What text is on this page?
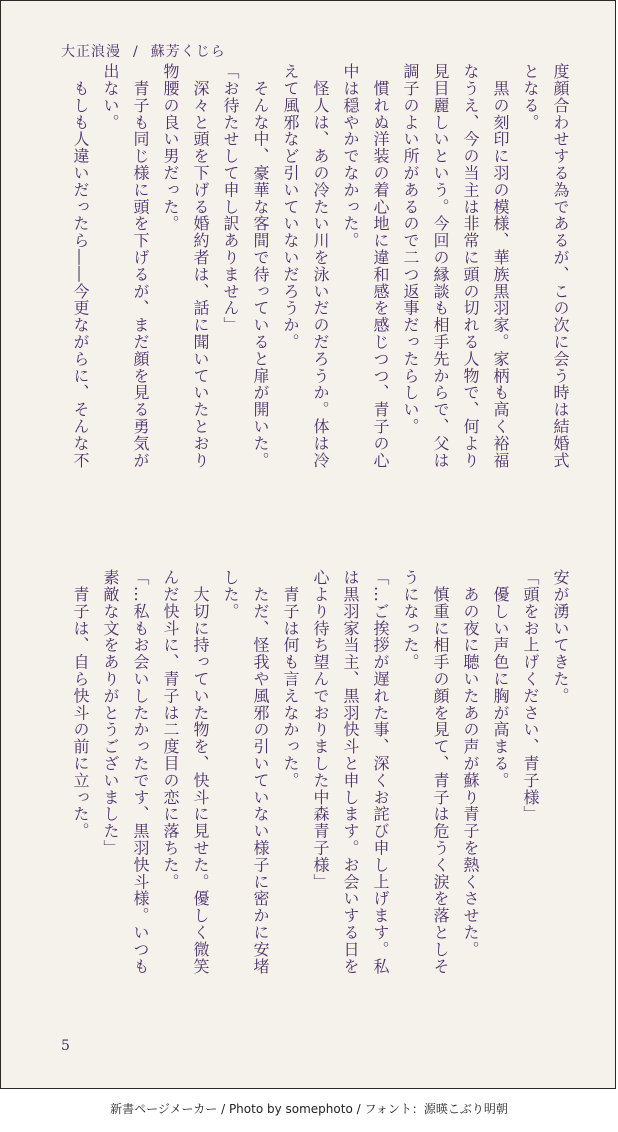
大正浪漫 / 蘇芳くじら

度顔合わせする為であるが、この次に会う時は結婚式

となる。

　黒の刻印に羽の模様、華族黒羽家。家柄も高く裕福

なうえ、今の当主は非常に頭の切れる人物で、何より

見目麗しいという。今回の縁談も相手先からで、父は

調子のよい所があるので二つ返事だったらしい。

　慣れぬ洋装の着心地に違和感を感じつつ、青子の心

中は穏やかでなかった。

　怪人は、あの冷たい川を泳いだのだろうか。体は冷

えて風邪など引いていないだろうか。

　そんな中、豪華な客間で待っていると扉が開いた。

「お待たせして申し訳ありません」

　深々と頭を下げる婚約者は、話に聞いていたとおり

物腰の良い男だった。

　青子も同じ様に頭を下げるが、まだ顔を見る勇気が

出ない。

　もしも人違いだったら――今更ながらに、そんな不

安が湧いてきた。

「頭をお上げください、青子様」

　優しい声色に胸が高まる。

　あの夜に聴いたあの声が蘇り青子を熱くさせた。

　慎重に相手の顔を見て、青子は危うく涙を落としそ

うになった。

「…ご挨拶が遅れた事、深くお詫び申し上げます。私

は黒羽家当主、黒羽快斗と申します。お会いする日を

心より待ち望んでおりました中森青子様」

　青子は何も言えなかった。

　ただ、怪我や風邪の引いていない様子に密かに安堵

した。

　大切に持っていた物を、快斗に見せた。優しく微笑

んだ快斗に、青子は二度目の恋に落ちた。

「…私もお会いしたかったです、黒羽快斗様。いつも

素敵な文をありがとうございました」

　青子は、自ら快斗の前に立った。

5
新書ページメーカー / Photo by somephoto / フォント：源暎こぶり明朝
